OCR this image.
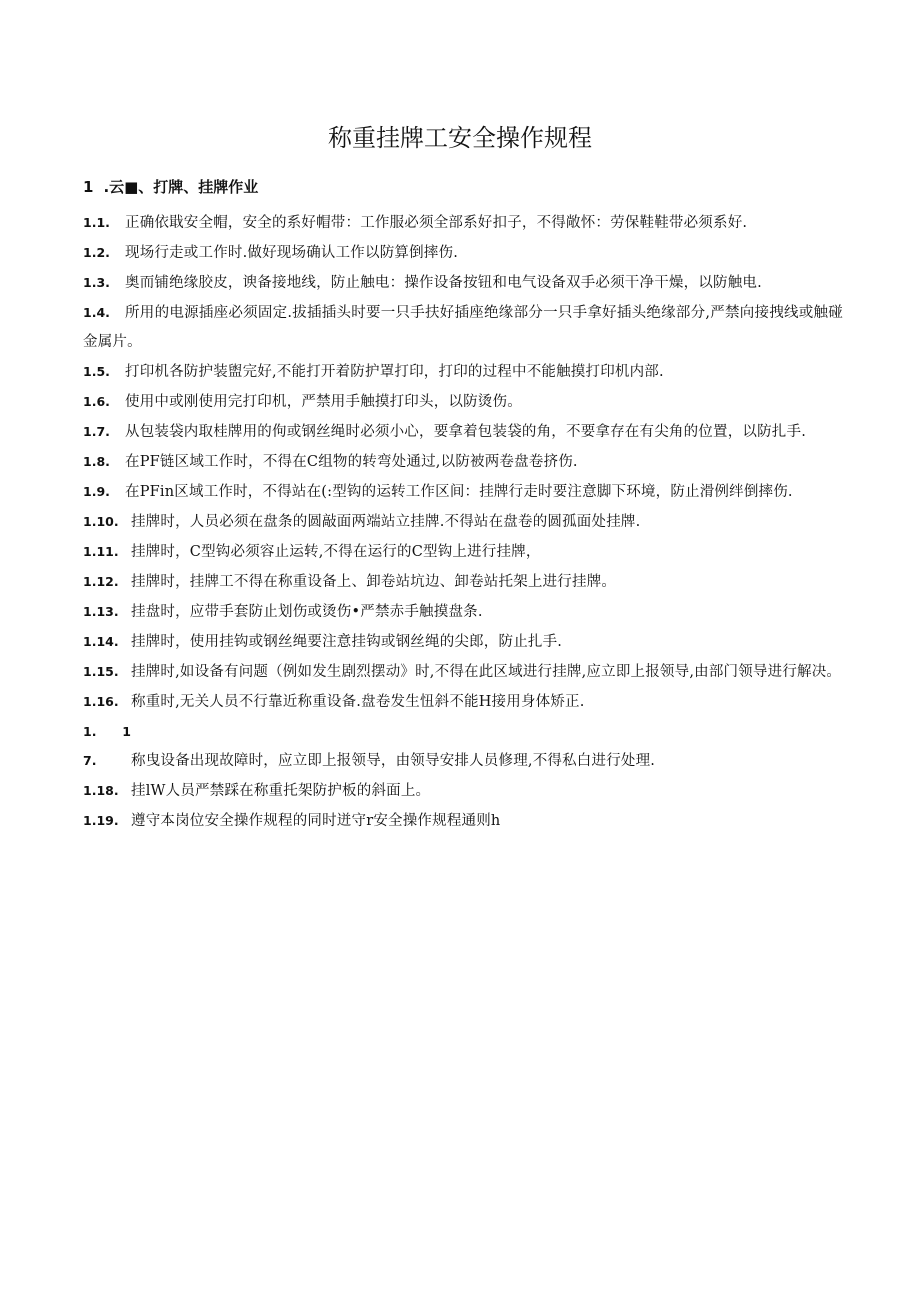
称重挂牌工安全操作规程
1 .云■、打牌、挂牌作业
1.1. 正确依戢安全帽，安全的系好帽带：工作服必须全部系好扣子，不得敞怀：劳保鞋鞋带必须系好.
1.2. 现场行走或工作时.做好现场确认工作以防算倒摔伤.
1.3. 奥而铺绝缘胶皮，谀备接地线，防止触电：操作设备按钮和电气设备双手必须干净干燥，以防触电.
1.4. 所用的电源插座必须固定.拔插插头时要一只手扶好插座绝缘部分一只手拿好插头绝缘部分,严禁向接拽线或触碰金属片。
1.5. 打印机各防护装盥完好,不能打开着防护罩打印，打印的过程中不能触摸打印机内部.
1.6. 使用中或刚使用完打印机，严禁用手触摸打印头，以防烫伤。
1.7. 从包装袋内取桂牌用的佝或钢丝绳时必须小心，要拿着包装袋的角，不要拿存在有尖角的位置，以防扎手.
1.8. 在PF链区域工作时，不得在C组物的转弯处通过,以防被两卷盘卷挤伤.
1.9. 在PFin区域工作时，不得站在(:型钩的运转工作区间：挂牌行走时要注意脚下环境，防止滑例绊倒摔伤.
1.10. 挂牌时，人员必须在盘条的圆敲面两端站立挂牌.不得站在盘卷的圆孤面处挂牌.
1.11. 挂牌时，C型钩必须容止运转,不得在运行的C型钩上进行挂牌，
1.12. 挂牌时，挂牌工不得在称重设备上、卸卷站坑边、卸卷站托架上进行挂牌。
1.13. 挂盘时，应带手套防止划伤或烫伤•严禁赤手触摸盘条.
1.14. 挂牌时，使用挂钩或钢丝绳要注意挂钩或钢丝绳的尖郎，防止扎手.
1.15. 挂牌时,如设备有问题（例如发生剧烈摆动》时,不得在此区域进行挂牌,应立即上报领导,由部门领导进行解决。
1.16. 称重时,无关人员不行靠近称重设备.盘卷发生忸斜不能H接用身体矫正.
1.　17. 称曳设备出现故障时，应立即上报领导，由领导安排人员修理,不得私白进行处理.
1.18. 挂lW人员严禁踩在称重托架防护板的斜面上。
1.19. 遵守本岗位安全操作规程的同时迸守r安全操作规程通则h
